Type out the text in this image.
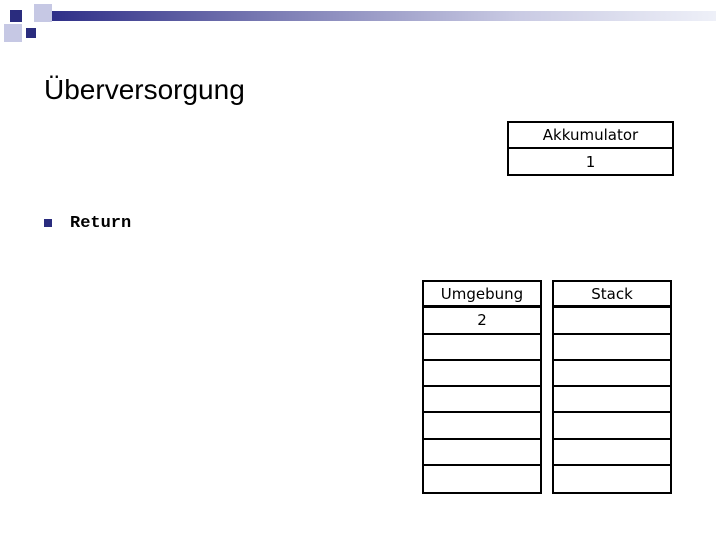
Überversorgung
Return
Akkumulator
1
Umgebung
2
Stack
